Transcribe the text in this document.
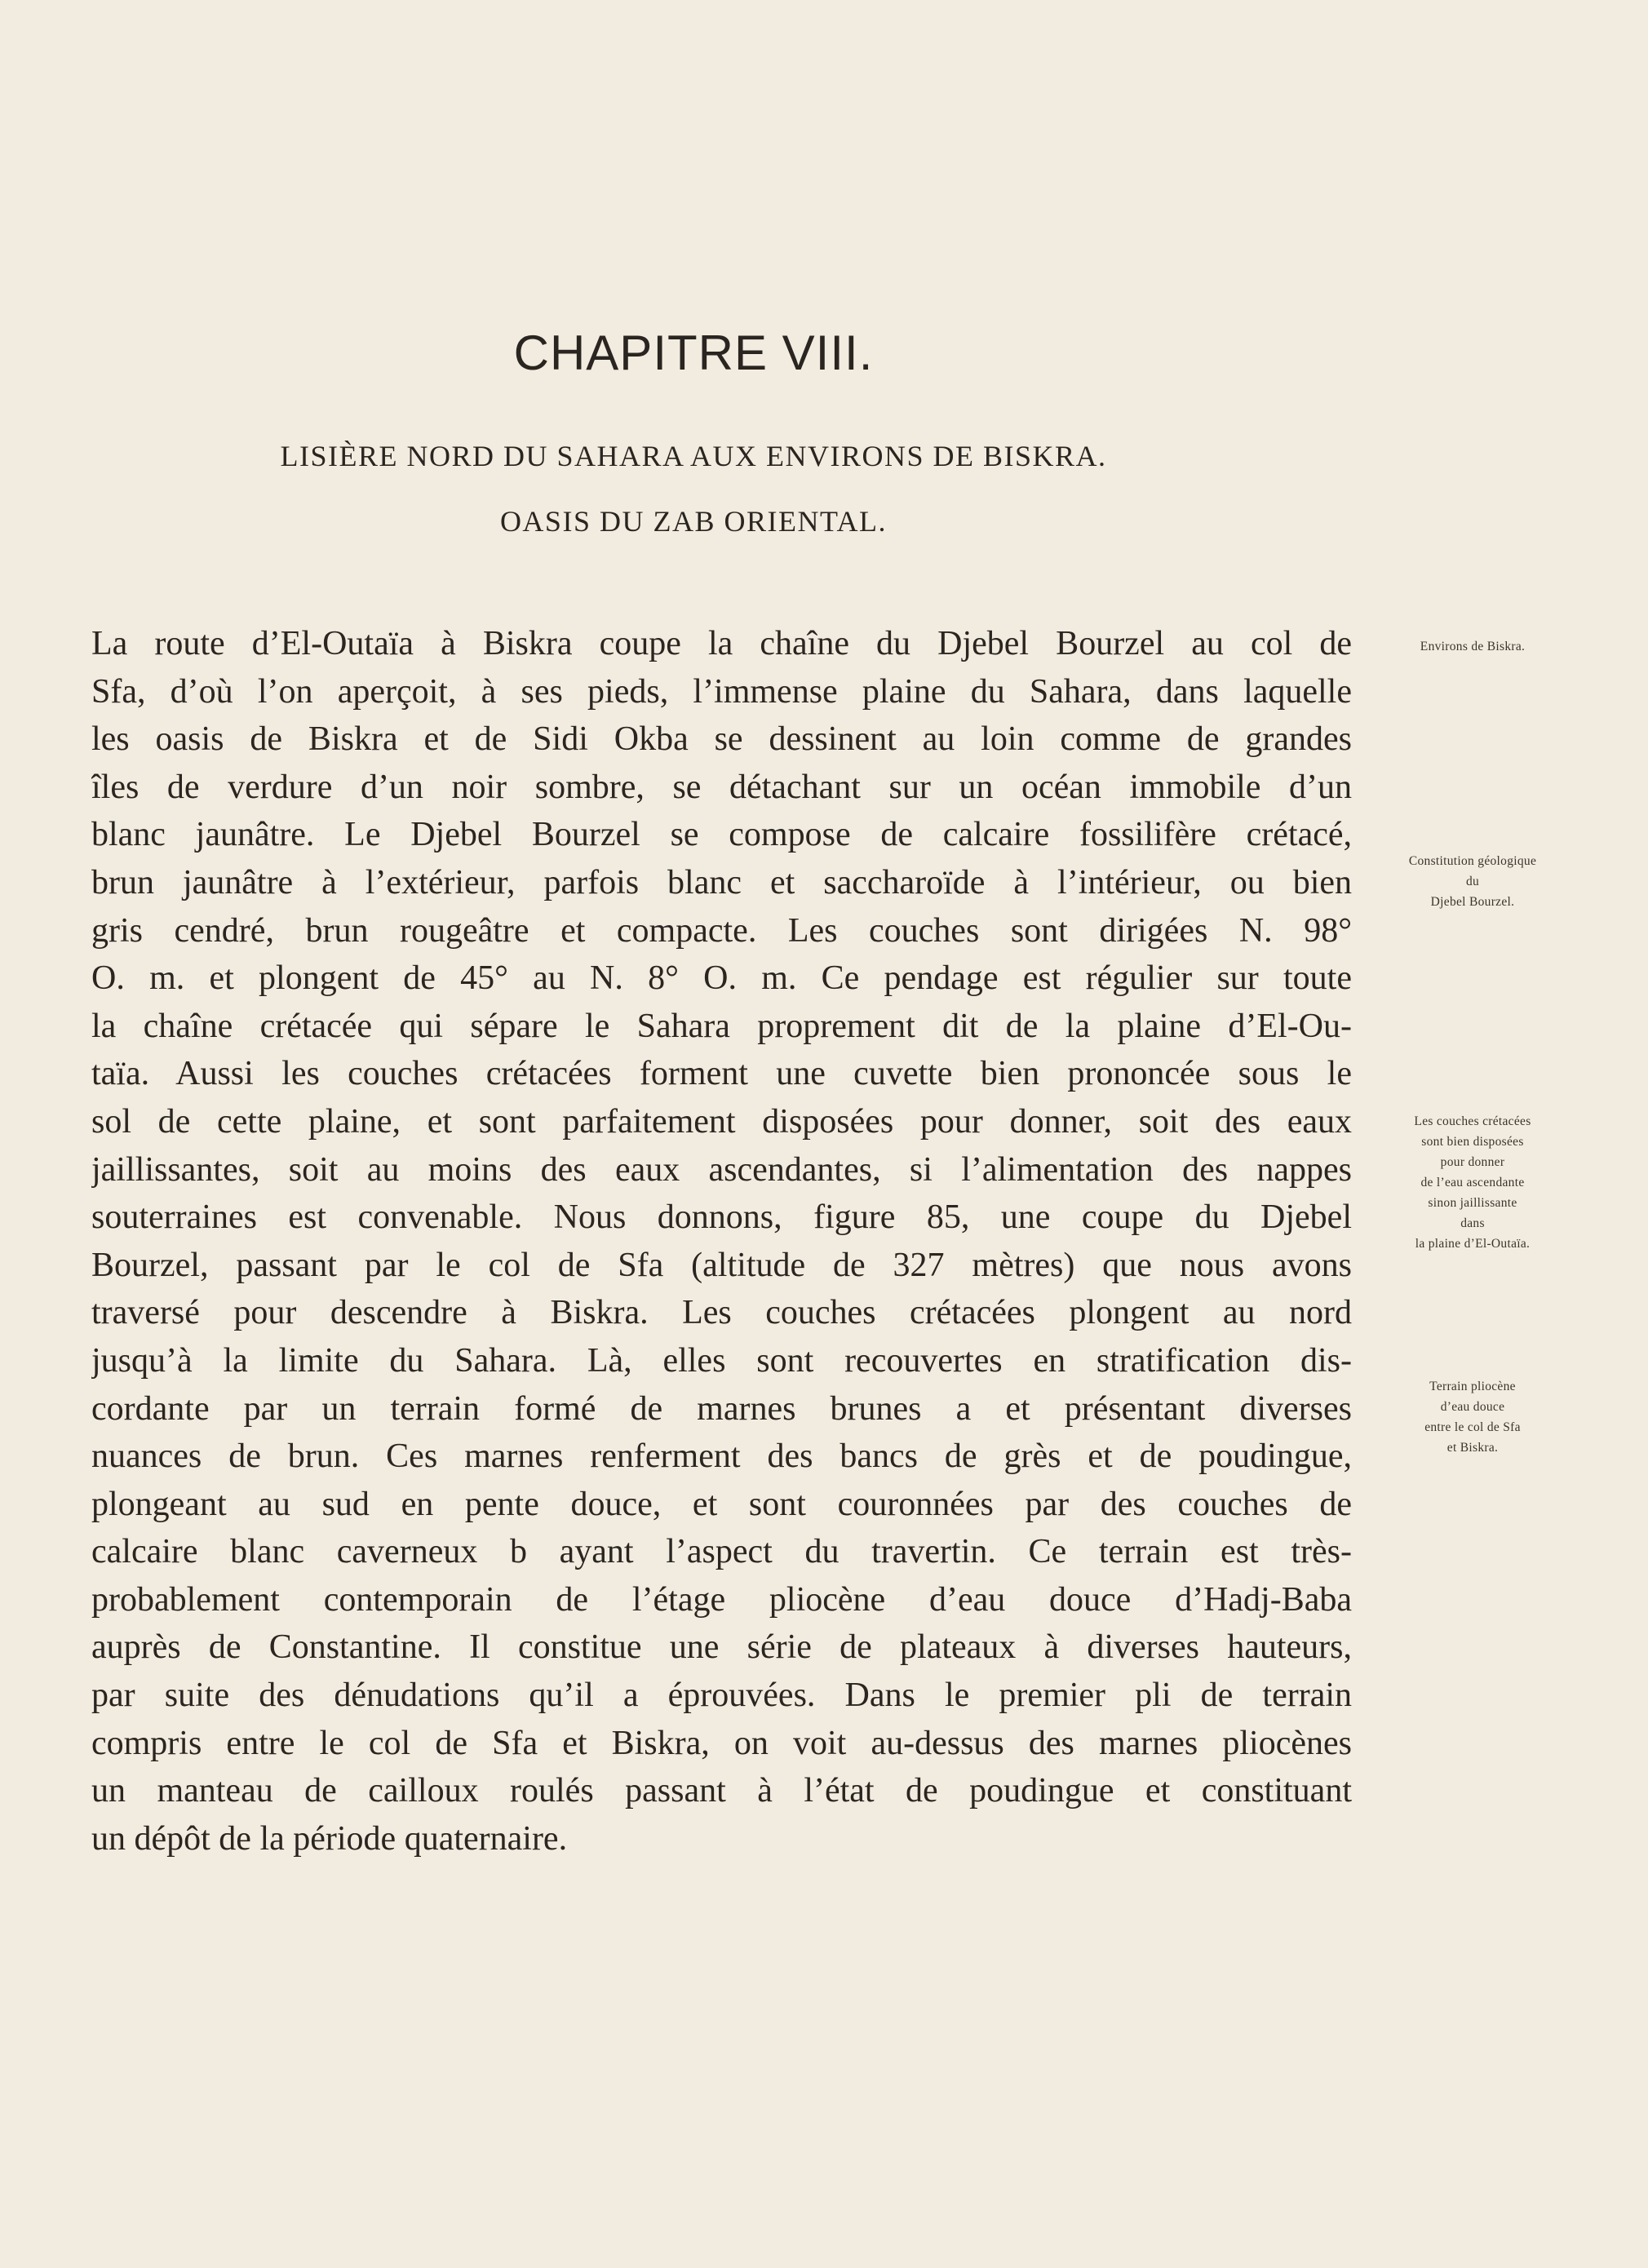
CHAPITRE VIII.
LISIÈRE NORD DU SAHARA AUX ENVIRONS DE BISKRA.
OASIS DU ZAB ORIENTAL.
La route d’El-Outaïa à Biskra coupe la chaîne du Djebel Bourzel au col de
Sfa, d’où l’on aperçoit, à ses pieds, l’immense plaine du Sahara, dans laquelle
les oasis de Biskra et de Sidi Okba se dessinent au loin comme de grandes
îles de verdure d’un noir sombre, se détachant sur un océan immobile d’un
blanc jaunâtre. Le Djebel Bourzel se compose de calcaire fossilifère crétacé,
brun jaunâtre à l’extérieur, parfois blanc et saccharoïde à l’intérieur, ou bien
gris cendré, brun rougeâtre et compacte. Les couches sont dirigées N. 98°
O. m. et plongent de 45° au N. 8° O. m. Ce pendage est régulier sur toute
la chaîne crétacée qui sépare le Sahara proprement dit de la plaine d’El-Ou-
taïa. Aussi les couches crétacées forment une cuvette bien prononcée sous le
sol de cette plaine, et sont parfaitement disposées pour donner, soit des eaux
jaillissantes, soit au moins des eaux ascendantes, si l’alimentation des nappes
souterraines est convenable. Nous donnons, figure 85, une coupe du Djebel
Bourzel, passant par le col de Sfa (altitude de 327 mètres) que nous avons
traversé pour descendre à Biskra. Les couches crétacées plongent au nord
jusqu’à la limite du Sahara. Là, elles sont recouvertes en stratification dis-
cordante par un terrain formé de marnes brunes a et présentant diverses
nuances de brun. Ces marnes renferment des bancs de grès et de poudingue,
plongeant au sud en pente douce, et sont couronnées par des couches de
calcaire blanc caverneux b ayant l’aspect du travertin. Ce terrain est très-
probablement contemporain de l’étage pliocène d’eau douce d’Hadj-Baba
auprès de Constantine. Il constitue une série de plateaux à diverses hauteurs,
par suite des dénudations qu’il a éprouvées. Dans le premier pli de terrain
compris entre le col de Sfa et Biskra, on voit au-dessus des marnes pliocènes
un manteau de cailloux roulés passant à l’état de poudingue et constituant
un dépôt de la période quaternaire.
Environs de Biskra.
Constitution géologique
du
Djebel Bourzel.
Les couches crétacées
sont bien disposées
pour donner
de l’eau ascendante
sinon jaillissante
dans
la plaine d’El-Outaïa.
Terrain pliocène
d’eau douce
entre le col de Sfa
et Biskra.
